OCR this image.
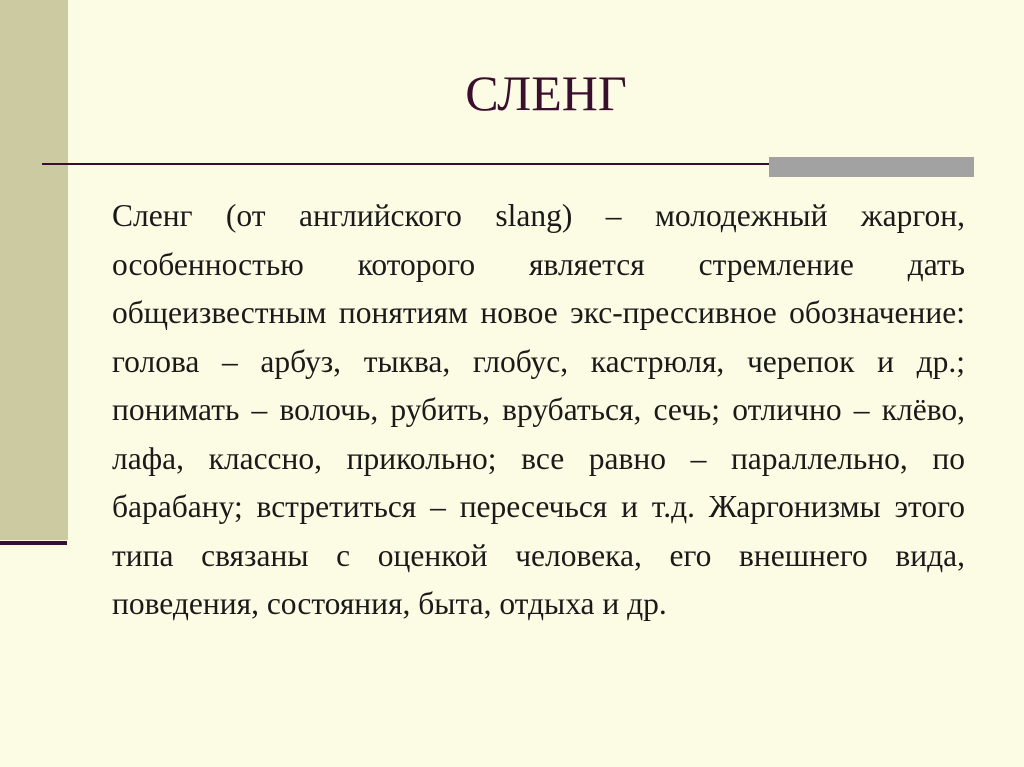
СЛЕНГ
Сленг (от английского slang) – молодежный жаргон, особенностью которого является стремление дать общеизвестным понятиям новое экс-прессивное обозначение: голова – арбуз, тыква, глобус, кастрюля, черепок и др.; понимать – волочь, рубить, врубаться, сечь; отлично – клёво, лафа, классно, прикольно; все равно – параллельно, по барабану; встретиться – пересечься и т.д. Жаргонизмы этого типа связаны с оценкой человека, его внешнего вида, поведения, состояния, быта, отдыха и др.
